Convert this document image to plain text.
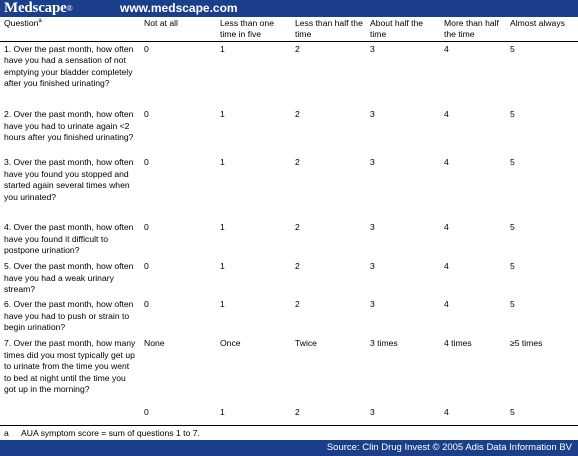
Medscape®	www.medscape.com
Question$^a$	Not at all	Less than one time in five	Less than half the time	About half the time	More than half the time	Almost always
1. Over the past month, how often have you had a sensation of not emptying your bladder completely after you finished urinating?	0	1	2	3	4	5
2. Over the past month, how often have you had to urinate again <2 hours after you finished urinating?	0	1	2	3	4	5
3. Over the past month, how often have you found you stopped and started again several times when you urinated?	0	1	2	3	4	5
4. Over the past month, how often have you found it difficult to postpone urination?	0	1	2	3	4	5
5. Over the past month, how often have you had a weak urinary stream?	0	1	2	3	4	5
6. Over the past month, how often have you had to push or strain to begin urination?	0	1	2	3	4	5
7. Over the past month, how many times did you most typically get up to urinate from the time you went to bed at night until the time you got up in the morning?	None	Once	Twice	3 times	4 times	≥5 times
	0	1	2	3	4	5
a AUA symptom score = sum of questions 1 to 7.
Source: Clin Drug Invest © 2005 Adis Data Information BV
